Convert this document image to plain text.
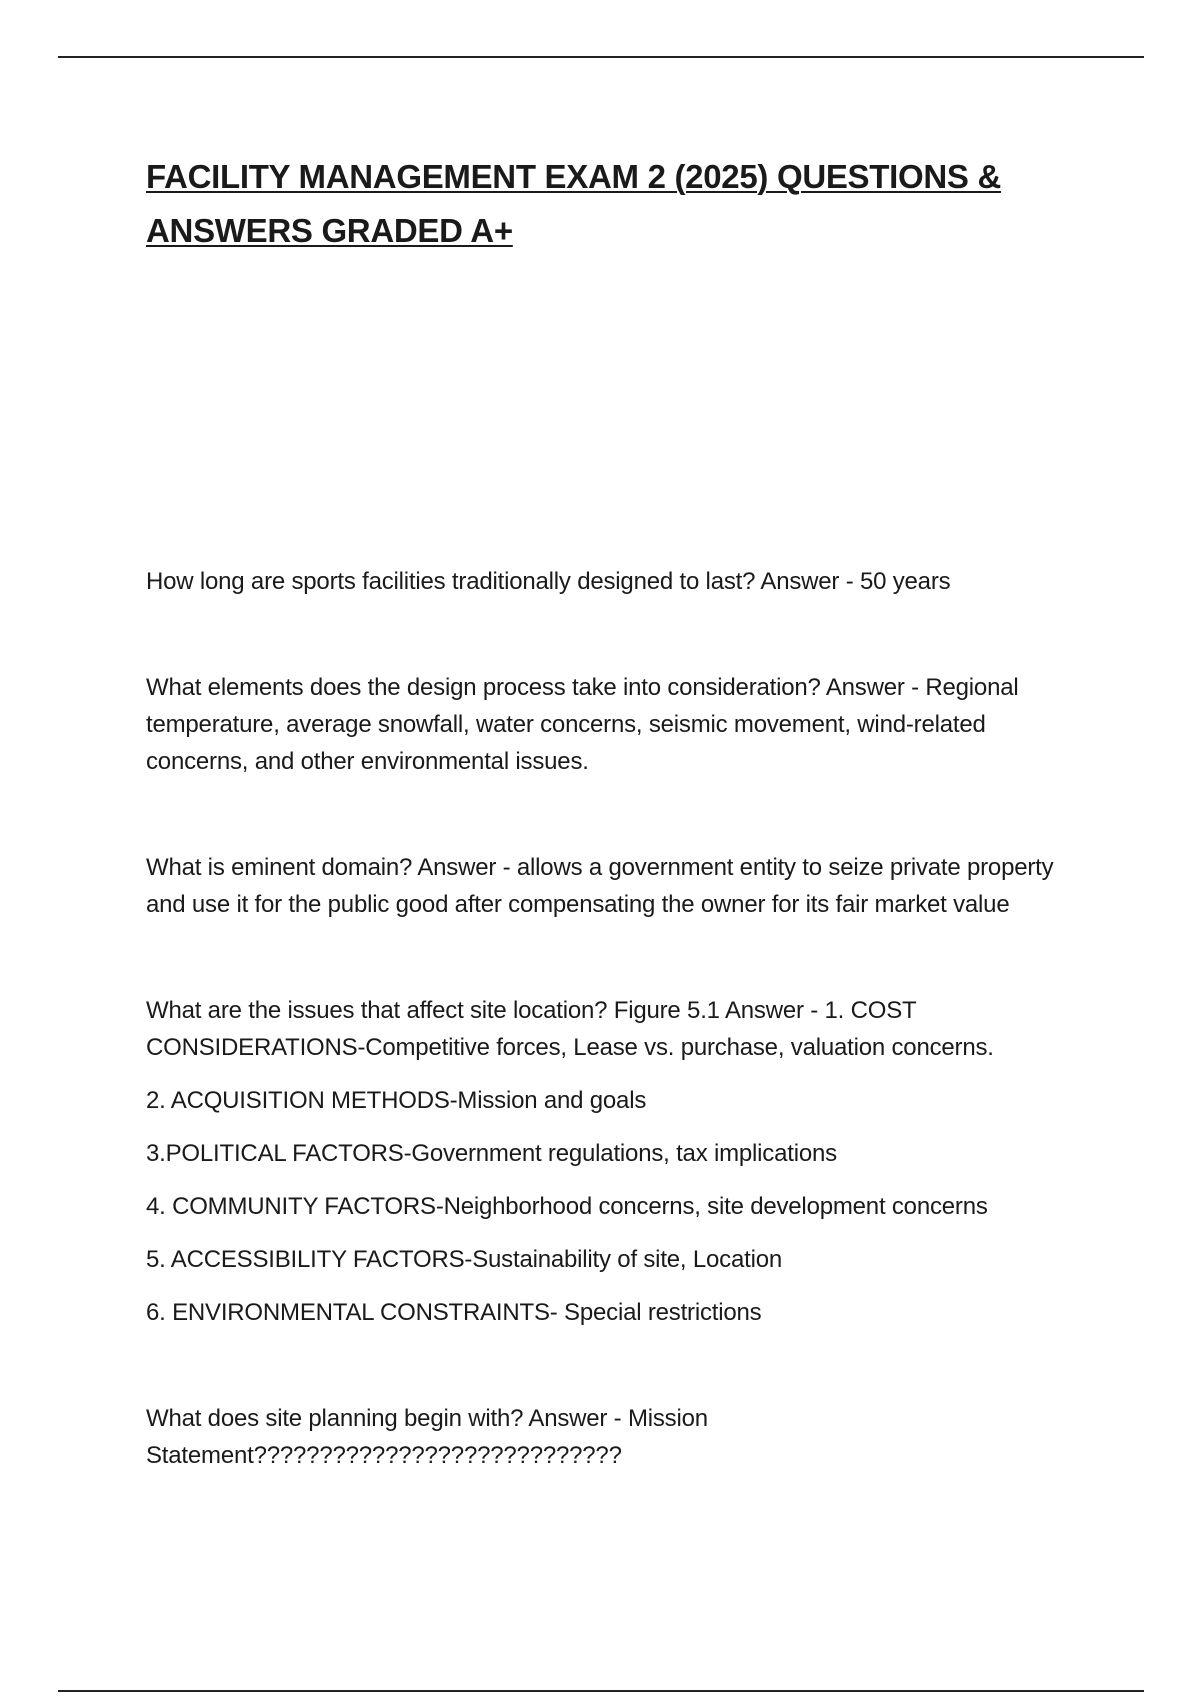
FACILITY MANAGEMENT EXAM 2 (2025) QUESTIONS & ANSWERS GRADED A+

How long are sports facilities traditionally designed to last? Answer - 50 years

What elements does the design process take into consideration? Answer - Regional temperature, average snowfall, water concerns, seismic movement, wind-related concerns, and other environmental issues.

What is eminent domain? Answer - allows a government entity to seize private property and use it for the public good after compensating the owner for its fair market value

What are the issues that affect site location? Figure 5.1 Answer - 1. COST CONSIDERATIONS-Competitive forces, Lease vs. purchase, valuation concerns.

2. ACQUISITION METHODS-Mission and goals

3.POLITICAL FACTORS-Government regulations, tax implications

4. COMMUNITY FACTORS-Neighborhood concerns, site development concerns

5. ACCESSIBILITY FACTORS-Sustainability of site, Location

6. ENVIRONMENTAL CONSTRAINTS- Special restrictions

What does site planning begin with? Answer - Mission Statement????????????????????????????
